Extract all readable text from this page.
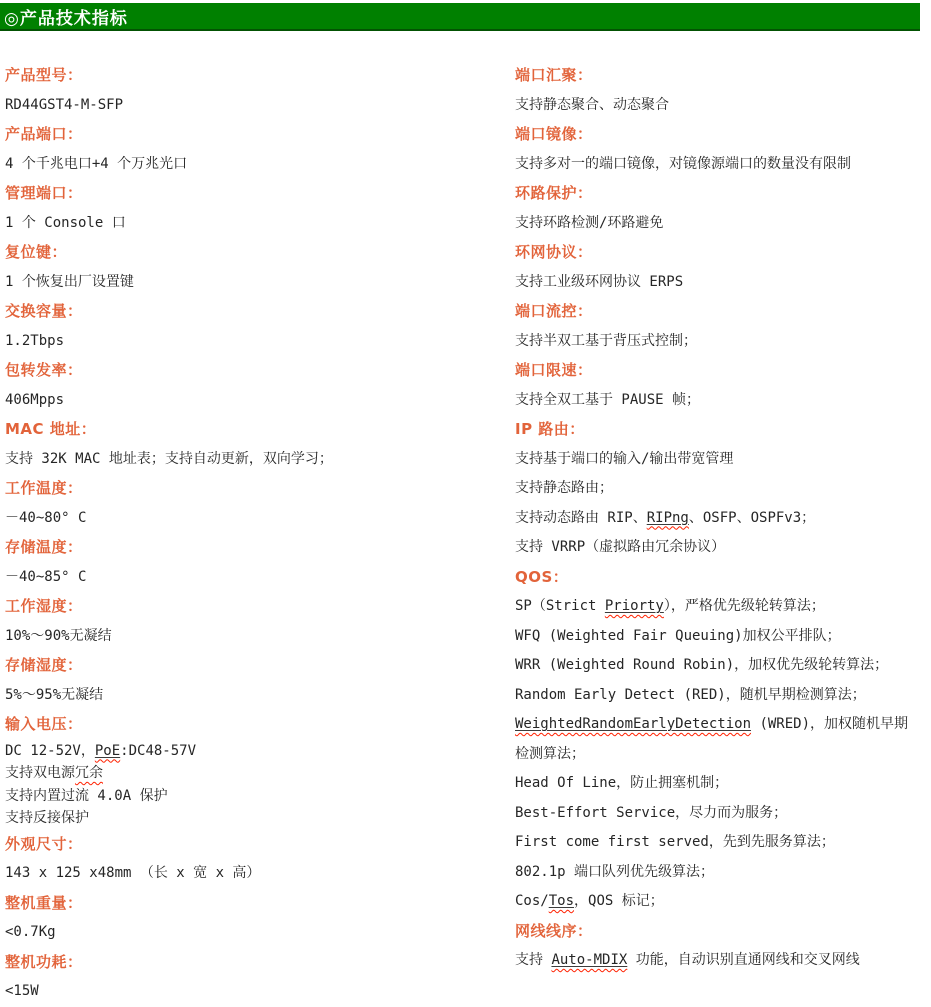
◎产品技术指标
产品型号：
RD44GST4-M-SFP
产品端口：
4 个千兆电口+4 个万兆光口
管理端口：
1 个 Console 口
复位键：
1 个恢复出厂设置键
交换容量：
1.2Tbps
包转发率：
406Mpps
MAC 地址：
支持 32K MAC 地址表；支持自动更新，双向学习；
工作温度：
－40~80° C
存储温度：
－40~85° C
工作湿度：
10%～90%无凝结
存储湿度：
5%～95%无凝结
输入电压：
DC 12-52V，PoE:DC48-57V
支持双电源冗余
支持内置过流 4.0A 保护
支持反接保护
外观尺寸：
143 x 125 x48mm （长 x 宽 x 高）
整机重量：
<0.7Kg
整机功耗：
<15W
端口汇聚：
支持静态聚合、动态聚合
端口镜像：
支持多对一的端口镜像，对镜像源端口的数量没有限制
环路保护：
支持环路检测/环路避免
环网协议：
支持工业级环网协议 ERPS
端口流控：
支持半双工基于背压式控制；
端口限速：
支持全双工基于 PAUSE 帧；
IP 路由：
支持基于端口的输入/输出带宽管理
支持静态路由；
支持动态路由 RIP、RIPng、OSFP、OSPFv3；
支持 VRRP（虚拟路由冗余协议）
QOS：
SP（Strict Priorty），严格优先级轮转算法；
WFQ (Weighted Fair Queuing)加权公平排队；
WRR (Weighted Round Robin)，加权优先级轮转算法；
Random Early Detect (RED)，随机早期检测算法；
WeightedRandomEarlyDetection (WRED)，加权随机早期
检测算法；
Head Of Line，防止拥塞机制；
Best-Effort Service，尽力而为服务；
First come first served，先到先服务算法；
802.1p 端口队列优先级算法；
Cos/Tos，QOS 标记；
网线线序：
支持 Auto-MDIX 功能，自动识别直通网线和交叉网线
